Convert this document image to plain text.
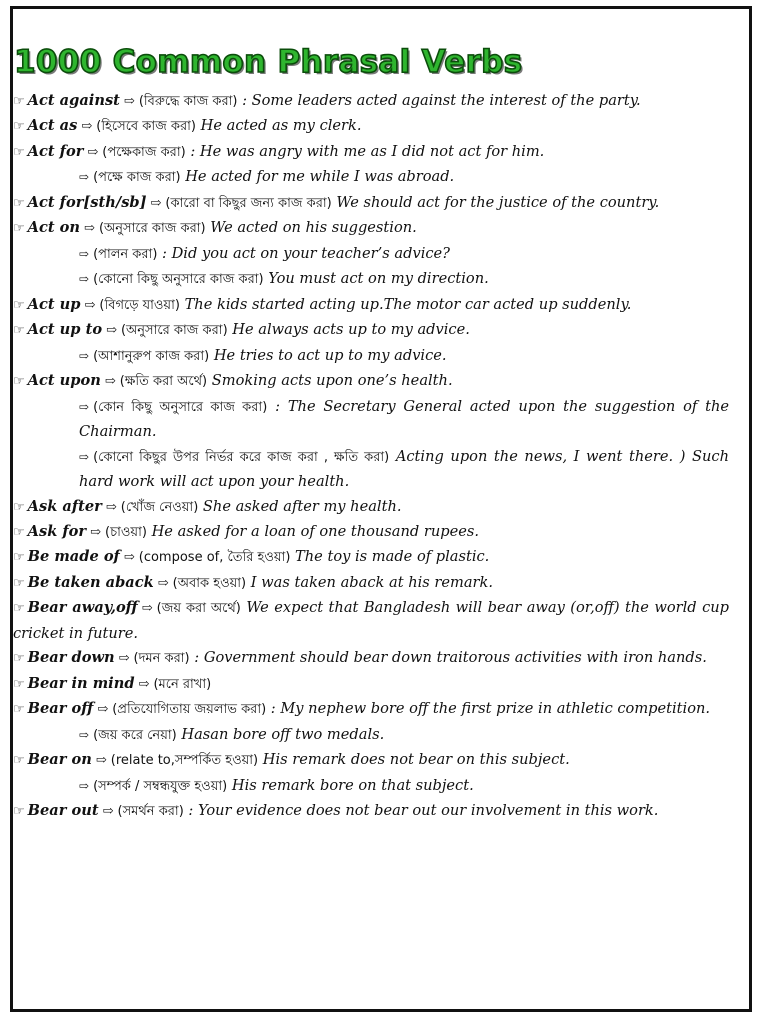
1000 Common Phrasal Verbs

☞ Act against ⇨ (বিরুদ্ধে কাজ করা) : Some leaders acted against the interest of the party.

☞ Act as ⇨ (হিসেবে কাজ করা) He acted as my clerk.

☞ Act for ⇨ (পক্ষেকাজ করা) : He was angry with me as I did not act for him.

⇨ (পক্ষে কাজ করা) He acted for me while I was abroad.

☞ Act for[sth/sb] ⇨ (কারো বা কিছুর জন্য কাজ করা) We should act for the justice of the country.

☞ Act on ⇨ (অনুসারে কাজ করা) We acted on his suggestion.

⇨ (পালন করা) : Did you act on your teacher’s advice?

⇨ (কোনো কিছু অনুসারে কাজ করা) You must act on my direction.

☞ Act up ⇨ (বিগড়ে যাওয়া) The kids started acting up.The motor car acted up suddenly.

☞ Act up to ⇨ (অনুসারে কাজ করা) He always acts up to my advice.

⇨ (আশানুরুপ কাজ করা) He tries to act up to my advice.

☞ Act upon ⇨ (ক্ষতি করা অর্থে) Smoking acts upon one’s health.

⇨ (কোন কিছু অনুসারে কাজ করা) : The Secretary General acted upon the suggestion of the Chairman.

⇨ (কোনো কিছুর উপর নির্ভর করে কাজ করা , ক্ষতি করা) Acting upon the news, I went there. ) Such hard work will act upon your health.

☞ Ask after ⇨ (খোঁজ নেওয়া) She asked after my health.

☞ Ask for ⇨ (চাওয়া) He asked for a loan of one thousand rupees.

☞ Be made of ⇨ (compose of, তৈরি হওয়া) The toy is made of plastic.

☞ Be taken aback ⇨ (অবাক হওয়া) I was taken aback at his remark.

☞ Bear away,off ⇨ (জয় করা অর্থে) We expect that Bangladesh will bear away (or,off) the world cup cricket in future.

☞ Bear down ⇨ (দমন করা) : Government should bear down traitorous activities with iron hands.

☞ Bear in mind ⇨ (মনে রাখা)

☞ Bear off ⇨ (প্রতিযোগিতায় জয়লাভ করা) : My nephew bore off the first prize in athletic competition.

⇨ (জয় করে নেয়া) Hasan bore off two medals.

☞ Bear on ⇨ (relate to,সম্পর্কিত হওয়া) His remark does not bear on this subject.

⇨ (সম্পর্ক / সম্বন্ধযুক্ত হওয়া) His remark bore on that subject.

☞ Bear out ⇨ (সমর্থন করা) : Your evidence does not bear out our involvement in this work.
